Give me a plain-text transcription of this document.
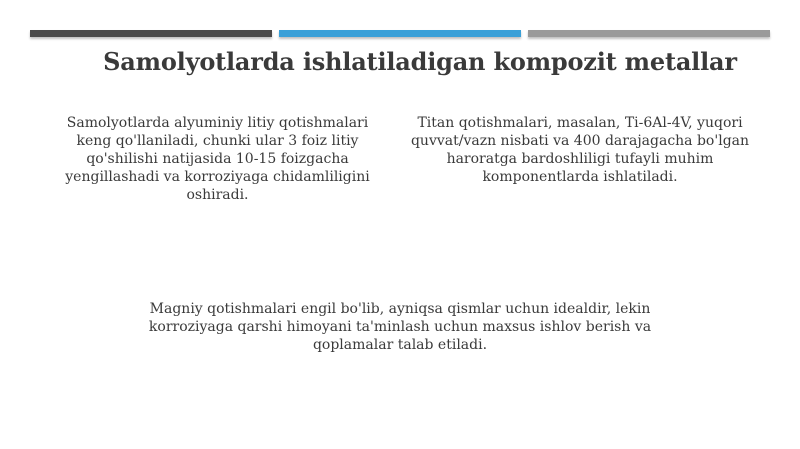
Samolyotlarda ishlatiladigan kompozit metallar
Samolyotlarda alyuminiy litiy qotishmalari keng qo'llaniladi, chunki ular 3 foiz litiy qo'shilishi natijasida 10-15 foizgacha yengillashadi va korroziyaga chidamliligini oshiradi.
Titan qotishmalari, masalan, Ti-6Al-4V, yuqori quvvat/vazn nisbati va 400 darajagacha bo'lgan haroratga bardoshliligi tufayli muhim komponentlarda ishlatiladi.
Magniy qotishmalari engil bo'lib, ayniqsa qismlar uchun idealdir, lekin korroziyaga qarshi himoyani ta'minlash uchun maxsus ishlov berish va qoplamalar talab etiladi.
